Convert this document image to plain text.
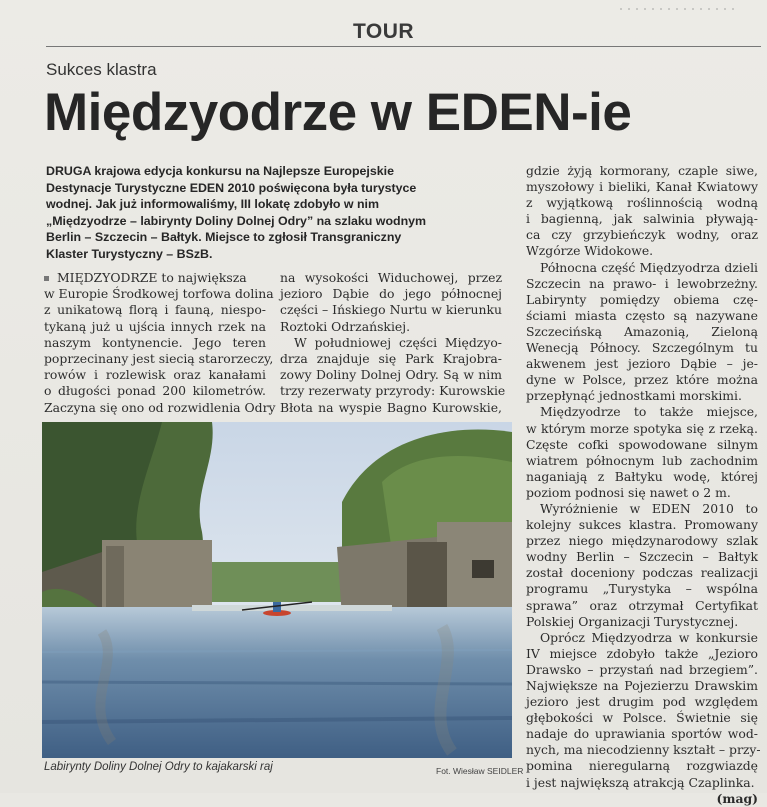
TOUR
Sukces klastra
Międzyodrze w EDEN-ie
DRUGA krajowa edycja konkursu na Najlepsze Europejskie
Destynacje Turystyczne EDEN 2010 poświęcona była turystyce
wodnej. Jak już informowaliśmy, III lokatę zdobyło w nim
„Międzyodrze – labirynty Doliny Dolnej Odry” na szlaku wodnym
Berlin – Szczecin – Bałtyk. Miejsce to zgłosił Transgraniczny
Klaster Turystyczny – BSzB.
MIĘDZYODRZE to największa
w Europie Środkowej torfowa dolina
z unikatową florą i fauną, niespo-
tykaną już u ujścia innych rzek na
naszym kontynencie. Jego teren
poprzecinany jest siecią starorzeczy,
rowów i rozlewisk oraz kanałami
o długości ponad 200 kilometrów.
Zaczyna się ono od rozwidlenia Odry
na wysokości Widuchowej, przez
jezioro Dąbie do jego północnej
części – Ińskiego Nurtu w kierunku
Roztoki Odrzańskiej.
W południowej części Międzyo-
drza znajduje się Park Krajobra-
zowy Doliny Dolnej Odry. Są w nim
trzy rezerwaty przyrody: Kurowskie
Błota na wyspie Bagno Kurowskie,
gdzie żyją kormorany, czaple siwe,
myszołowy i bieliki, Kanał Kwiatowy
z wyjątkową roślinnością wodną
i bagienną, jak salwinia pływają-
ca czy grzybieńczyk wodny, oraz
Wzgórze Widokowe.
Północna część Międzyodrza dzieli
Szczecin na prawo- i lewobrzeżny.
Labirynty pomiędzy obiema czę-
ściami miasta często są nazywane
Szczecińską Amazonią, Zieloną
Wenecją Północy. Szczególnym tu
akwenem jest jezioro Dąbie – je-
dyne w Polsce, przez które można
przepłynąć jednostkami morskimi.
Międzyodrze to także miejsce,
w którym morze spotyka się z rzeką.
Częste cofki spowodowane silnym
wiatrem północnym lub zachodnim
naganiają z Bałtyku wodę, której
poziom podnosi się nawet o 2 m.
Wyróżnienie w EDEN 2010 to
kolejny sukces klastra. Promowany
przez niego międzynarodowy szlak
wodny Berlin – Szczecin – Bałtyk
został doceniony podczas realizacji
programu „Turystyka – wspólna
sprawa” oraz otrzymał Certyfikat
Polskiej Organizacji Turystycznej.
Oprócz Międzyodrza w konkursie
IV miejsce zdobyło także „Jezioro
Drawsko – przystań nad brzegiem”.
Największe na Pojezierzu Drawskim
jezioro jest drugim pod względem
głębokości w Polsce. Świetnie się
nadaje do uprawiania sportów wod-
nych, ma niecodzienny kształt – przy-
pomina nieregularną rozgwiazdę
i jest największą atrakcją Czaplinka.
(mag)
Labirynty Doliny Dolnej Odry to kajakarski raj	Fot. Wiesław SEIDLER
